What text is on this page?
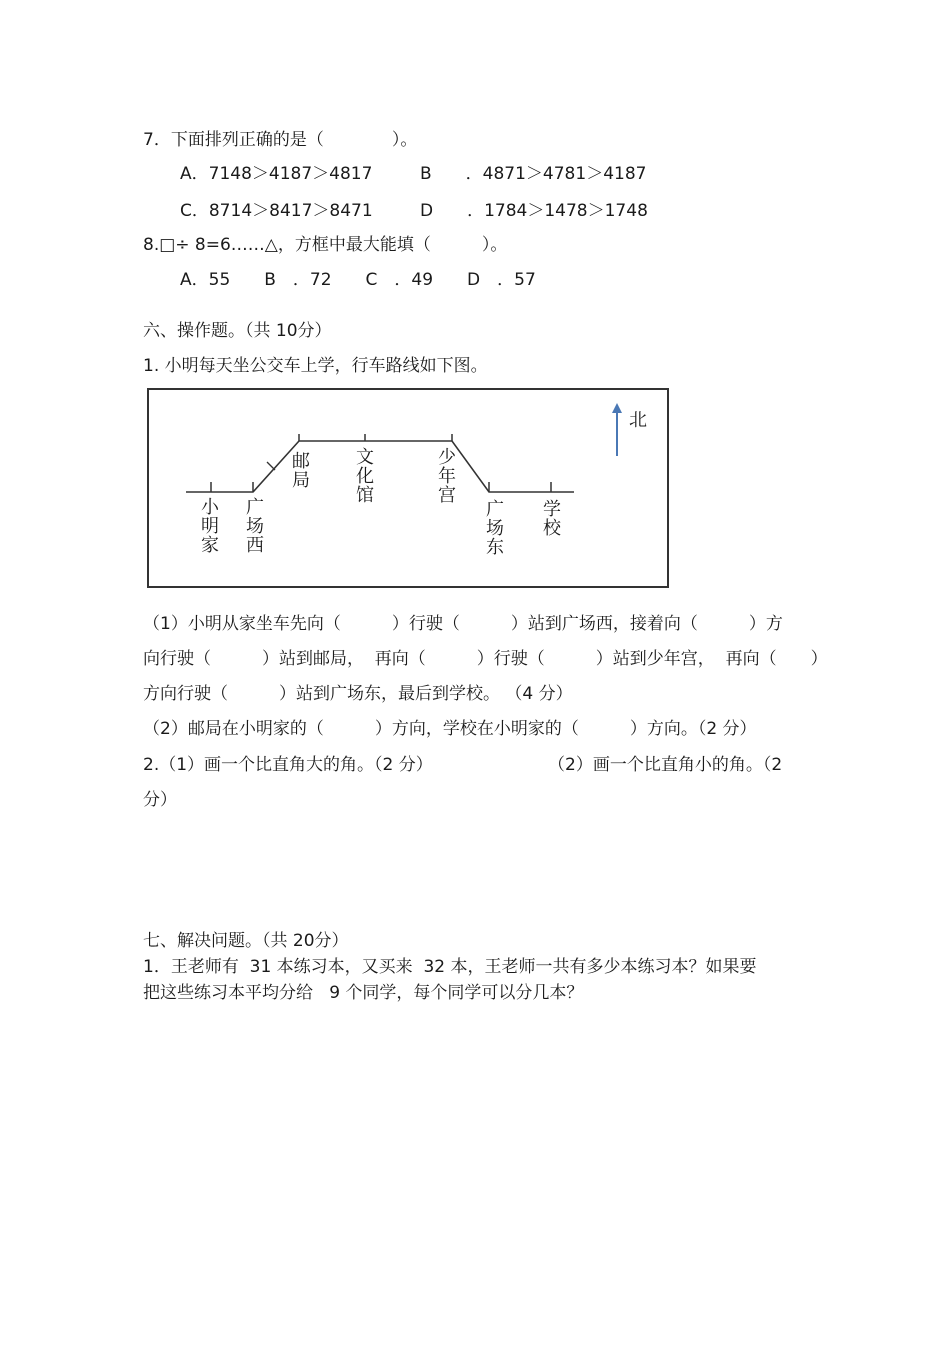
7．下面排列正确的是（　　　　）。
A．7148＞4187＞4817	B　　．4871＞4781＞4187
C．8714＞8417＞8471	D　　．1784＞1478＞1748
8.□÷ 8=6……△，方框中最大能填（　　　）。
A．55　　B　．72　　C　．49　　D　．57
六、操作题。（共 10分）
1. 小明每天坐公交车上学，行车路线如下图。
北
小
明
家
广
场
西
邮
局
文
化
馆
少
年
宫
广
场
东
学
校
（1）小明从家坐车先向（　　　）行驶（　　　）站到广场西，接着向（　　　）方
向行驶（　　　）站到邮局，  再向（　　　）行驶（　　　）站到少年宫，  再向（　　）
方向行驶（　　　）站到广场东，最后到学校。 （4 分）
（2）邮局在小明家的（　　　）方向，学校在小明家的（　　　）方向。（2 分）
2.（1）画一个比直角大的角。（2 分）	（2）画一个比直角小的角。（2
分）
七、解决问题。（共 20分）
1．王老师有  31 本练习本，又买来  32 本，王老师一共有多少本练习本？如果要
把这些练习本平均分给   9 个同学，每个同学可以分几本？
